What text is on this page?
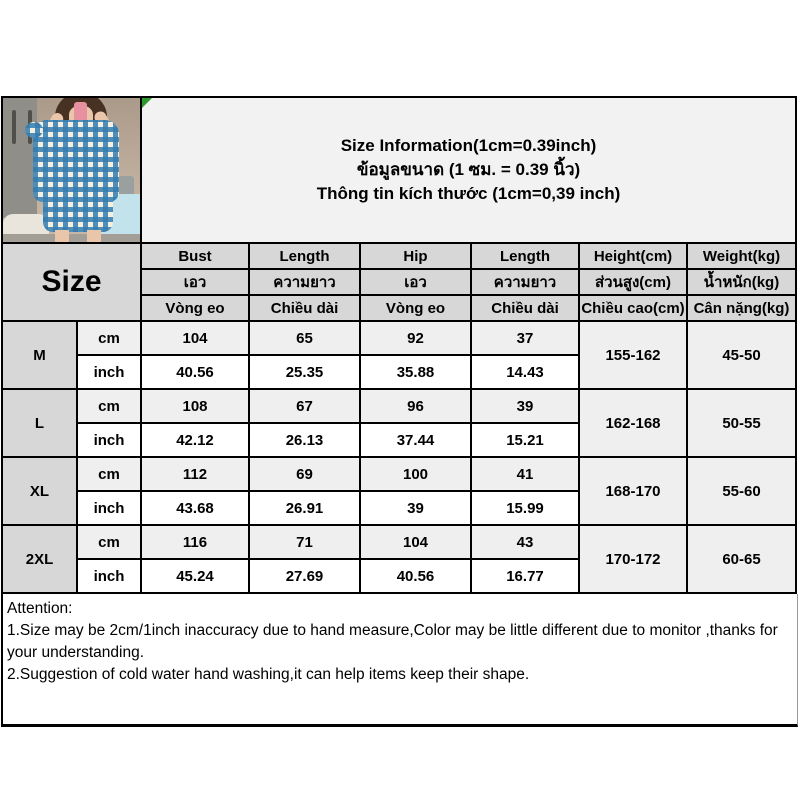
		Size Information(1cm=0.39inch)
ข้อมูลขนาด (1 ซม. = 0.39 นิ้ว)
Thông tin kích thước (1cm=0,39 inch)					

Size		Bust	Length	Hip	Length	Height(cm)	Weight(kg)
		เอว	ความยาว	เอว	ความยาว	ส่วนสูง(cm)	น้ำหนัก(kg)
		Vòng eo	Chiều dài	Vòng eo	Chiều dài	Chiều cao(cm)	Cân nặng(kg)
M	cm	104	65	92	37	155-162	45-50
	inch	40.56	25.35	35.88	14.43		
L	cm	108	67	96	39	162-168	50-55
	inch	42.12	26.13	37.44	15.21		
XL	cm	112	69	100	41	168-170	55-60
	inch	43.68	26.91	39	15.99		
2XL	cm	116	71	104	43	170-172	60-65
	inch	45.24	27.69	40.56	16.77		
Attention:
1.Size may be 2cm/1inch inaccuracy due to hand measure,Color may be little different due to monitor ,thanks for your understanding.
2.Suggestion of cold water hand washing,it can help items keep their shape.
